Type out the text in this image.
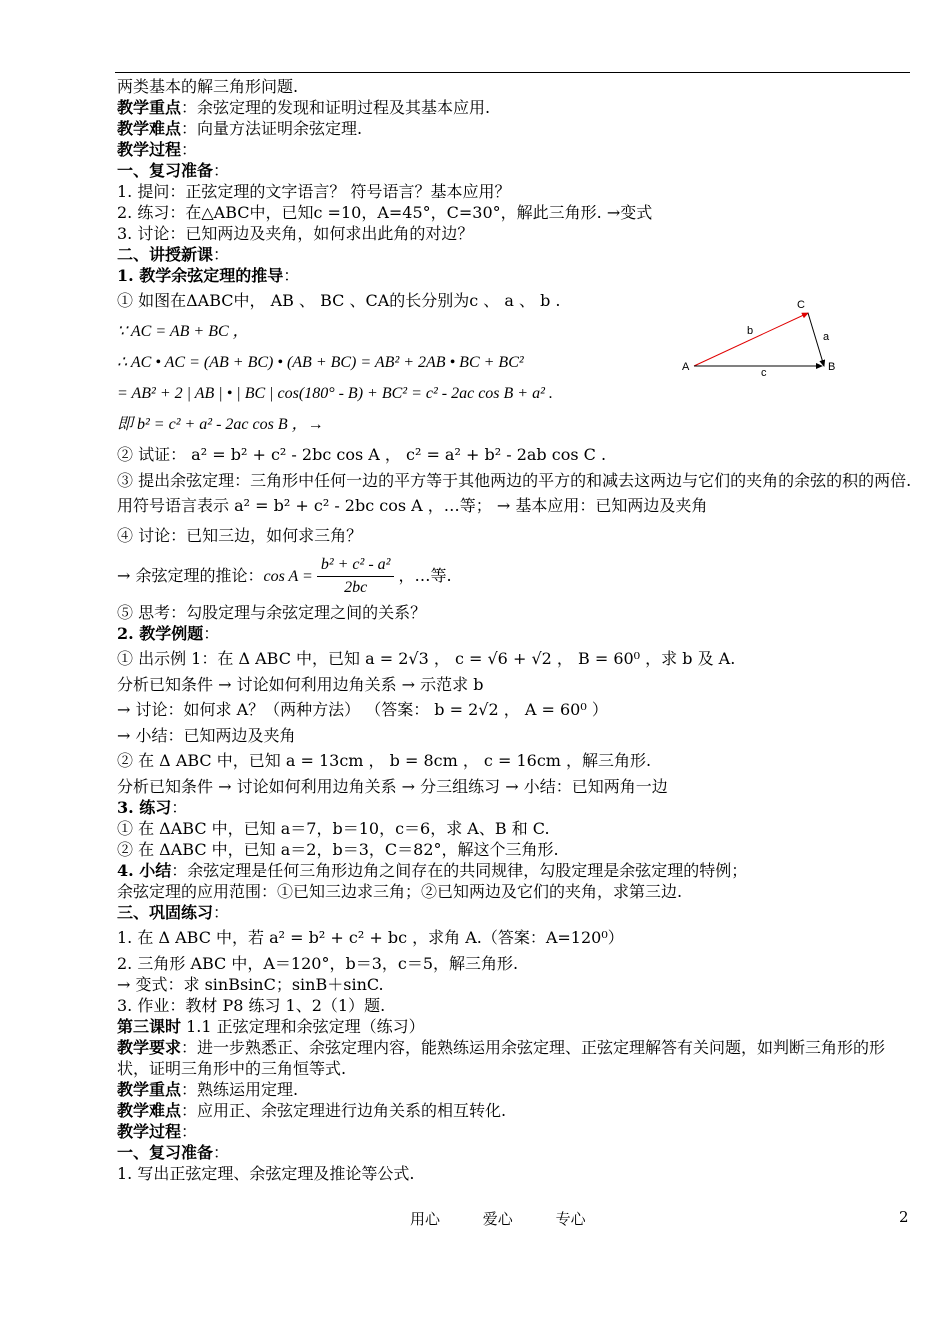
两类基本的解三角形问题.
教学重点：余弦定理的发现和证明过程及其基本应用.
教学难点：向量方法证明余弦定理.
教学过程：
一、复习准备：
1. 提问：正弦定理的文字语言？ 符号语言？基本应用？
2. 练习：在△ABC中，已知c =10，A=45°，C=30°，解此三角形. →变式
3. 讨论：已知两边及夹角，如何求出此角的对边？
二、讲授新课：
1. 教学余弦定理的推导：
① 如图在ΔABC中， AB 、 BC 、CA的长分别为c 、 a 、 b .
∵ AC = AB + BC ，
∴ AC • AC = (AB + BC) • (AB + BC) = AB² + 2AB • BC + BC²
= AB² + 2 | AB | • | BC | cos(180° - B) + BC² = c² - 2ac cos B + a² .
即 b² = c² + a² - 2ac cos B ，→
② 试证： a² = b² + c² - 2bc cos A ， c² = a² + b² - 2ab cos C .
③ 提出余弦定理：三角形中任何一边的平方等于其他两边的平方的和减去这两边与它们的夹角的余弦的积的两倍.
用符号语言表示 a² = b² + c² - 2bc cos A ，…等； → 基本应用：已知两边及夹角
④ 讨论：已知三边，如何求三角？
→ 余弦定理的推论：$\cos A = \frac{\text{b² + c² - a²}}{2bc}$ ，…等.
⑤ 思考：勾股定理与余弦定理之间的关系？
2. 教学例题：
① 出示例 1：在 Δ ABC 中，已知 a = 2√3 ， c = √6 + √2 ， B = 60⁰ ，求 b 及 A.
分析已知条件 → 讨论如何利用边角关系 → 示范求 b
→ 讨论：如何求 A？（两种方法） （答案： b = 2√2 ， A = 60⁰ ）
→ 小结：已知两边及夹角
② 在 Δ ABC 中，已知 a = 13cm ， b = 8cm ， c = 16cm ，解三角形.
分析已知条件 → 讨论如何利用边角关系 → 分三组练习 → 小结：已知两角一边
3. 练习：
① 在 ΔABC 中，已知 a＝7，b＝10，c＝6，求 A、B 和 C.
② 在 ΔABC 中，已知 a＝2，b＝3，C＝82°，解这个三角形.
4. 小结：余弦定理是任何三角形边角之间存在的共同规律，勾股定理是余弦定理的特例；
余弦定理的应用范围：①已知三边求三角；②已知两边及它们的夹角，求第三边.
三、巩固练习：
1. 在 Δ ABC 中，若 a² = b² + c² + bc ，求角 A.（答案：A=120⁰）
2. 三角形 ABC 中，A＝120°，b＝3，c＝5，解三角形.
→ 变式：求 sinBsinC；sinB＋sinC.
3. 作业：教材 P8 练习 1、2（1）题.
第三课时 1.1 正弦定理和余弦定理（练习）
教学要求：进一步熟悉正、余弦定理内容，能熟练运用余弦定理、正弦定理解答有关问题，如判断三角形的形状，证明三角形中的三角恒等式.
教学重点：熟练运用定理.
教学难点：应用正、余弦定理进行边角关系的相互转化.
教学过程：
一、复习准备：
1. 写出正弦定理、余弦定理及推论等公式.
A	B
C
a
b
c
用心	爱心	专心	2
